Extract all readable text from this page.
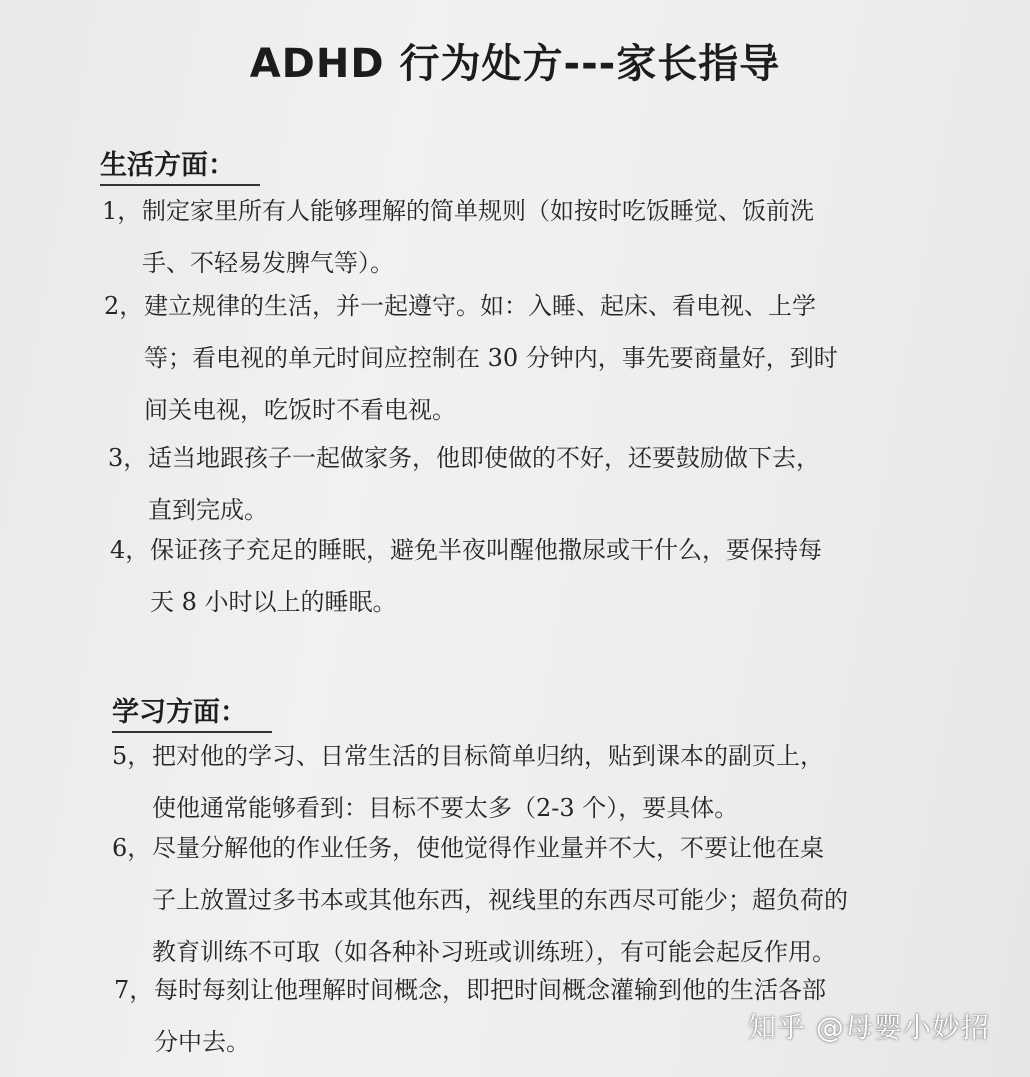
ADHD 行为处方---家长指导
生活方面：
1， 制定家里所有人能够理解的简单规则（如按时吃饭睡觉、饭前洗
手、不轻易发脾气等）。
2， 建立规律的生活，并一起遵守。如：入睡、起床、看电视、上学
等；看电视的单元时间应控制在 30 分钟内，事先要商量好，到时
间关电视，吃饭时不看电视。
3， 适当地跟孩子一起做家务，他即使做的不好，还要鼓励做下去，
直到完成。
4， 保证孩子充足的睡眠，避免半夜叫醒他撒尿或干什么，要保持每
天 8 小时以上的睡眠。
学习方面：
5， 把对他的学习、日常生活的目标简单归纳，贴到课本的副页上，
使他通常能够看到：目标不要太多（2-3 个），要具体。
6， 尽量分解他的作业任务，使他觉得作业量并不大，不要让他在桌
子上放置过多书本或其他东西，视线里的东西尽可能少；超负荷的
教育训练不可取（如各种补习班或训练班），有可能会起反作用。
7， 每时每刻让他理解时间概念，即把时间概念灌输到他的生活各部
分中去。	知乎 @母婴小妙招
